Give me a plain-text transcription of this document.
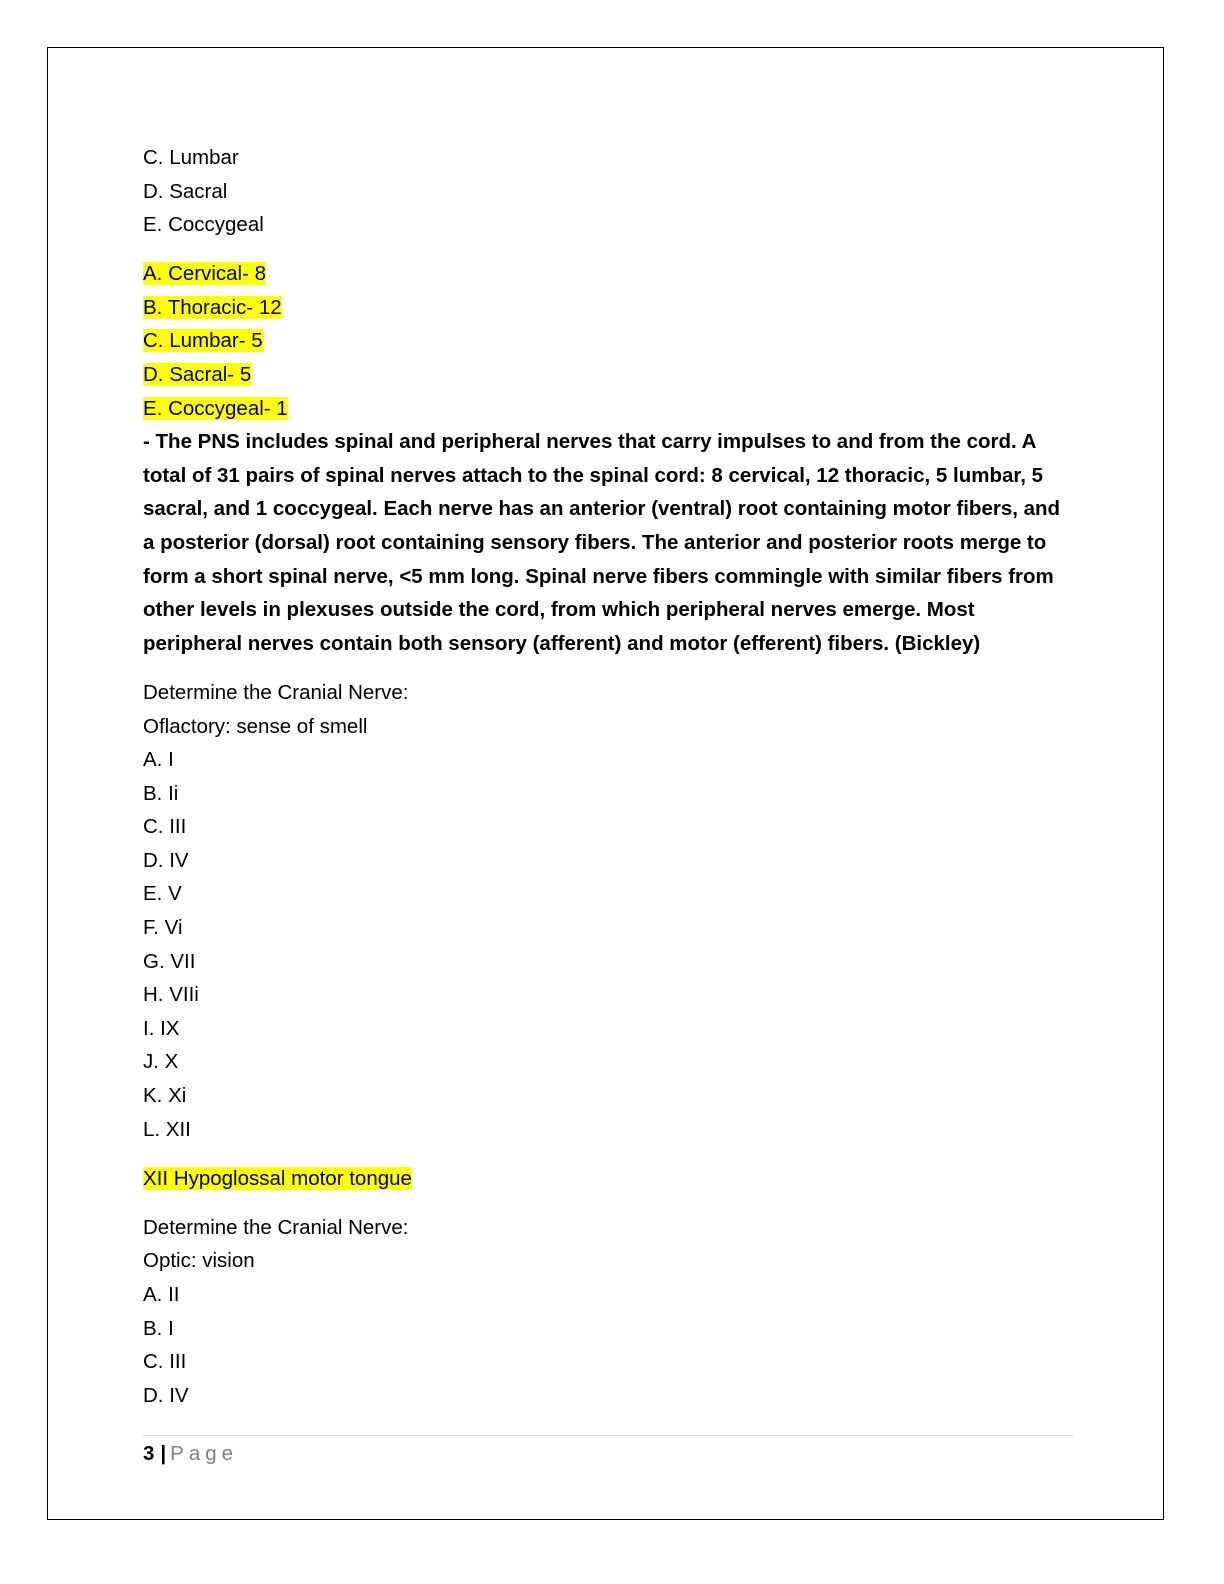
C. Lumbar
D. Sacral
E. Coccygeal
A. Cervical- 8
B. Thoracic- 12
C. Lumbar- 5
D. Sacral- 5
E. Coccygeal- 1
- The PNS includes spinal and peripheral nerves that carry impulses to and from the cord. A total of 31 pairs of spinal nerves attach to the spinal cord: 8 cervical, 12 thoracic, 5 lumbar, 5 sacral, and 1 coccygeal. Each nerve has an anterior (ventral) root containing motor fibers, and a posterior (dorsal) root containing sensory fibers. The anterior and posterior roots merge to form a short spinal nerve, <5 mm long. Spinal nerve fibers commingle with similar fibers from other levels in plexuses outside the cord, from which peripheral nerves emerge. Most peripheral nerves contain both sensory (afferent) and motor (efferent) fibers. (Bickley)
Determine the Cranial Nerve:
Oflactory: sense of smell
A. I
B. Ii
C. III
D. IV
E. V
F. Vi
G. VII
H. VIIi
I. IX
J. X
K. Xi
L. XII
XII Hypoglossal motor tongue
Determine the Cranial Nerve:
Optic: vision
A. II
B. I
C. III
D. IV
3 | Page
